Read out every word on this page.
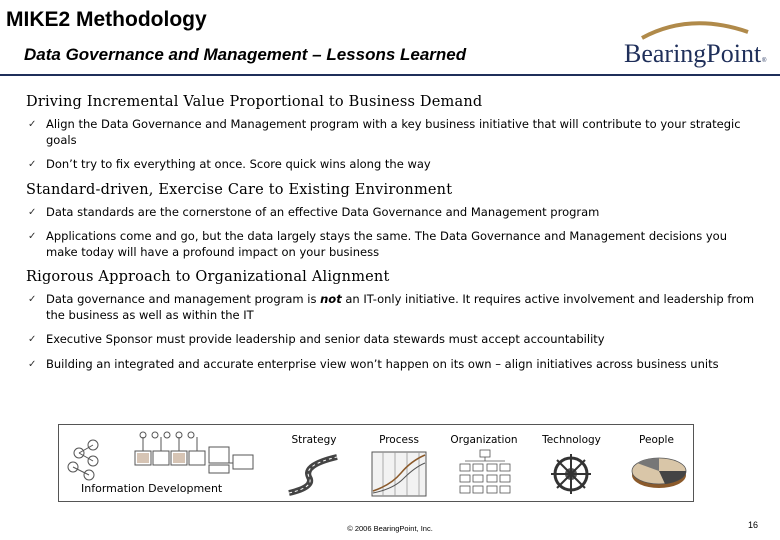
MIKE2 Methodology
Data Governance and Management – Lessons Learned	BearingPoint ®
Driving Incremental Value Proportional to Business Demand
✓ Align the Data Governance and Management program with a key business initiative that will contribute to your strategic goals
✓ Don’t try to fix everything at once. Score quick wins along the way
Standard-driven, Exercise Care to Existing Environment
✓ Data standards are the cornerstone of an effective Data Governance and Management program
✓ Applications come and go, but the data largely stays the same. The Data Governance and Management decisions you make today will have a profound impact on your business
Rigorous Approach to Organizational Alignment
✓ Data governance and management program is not an IT-only initiative. It requires active involvement and leadership from the business as well as within the IT
✓ Executive Sponsor must provide leadership and senior data stewards must accept accountability
✓ Building an integrated and accurate enterprise view won’t happen on its own – align initiatives across business units
Strategy	Process	Organization	Technology	People
Information Development
© 2006 BearingPoint, Inc.	16
